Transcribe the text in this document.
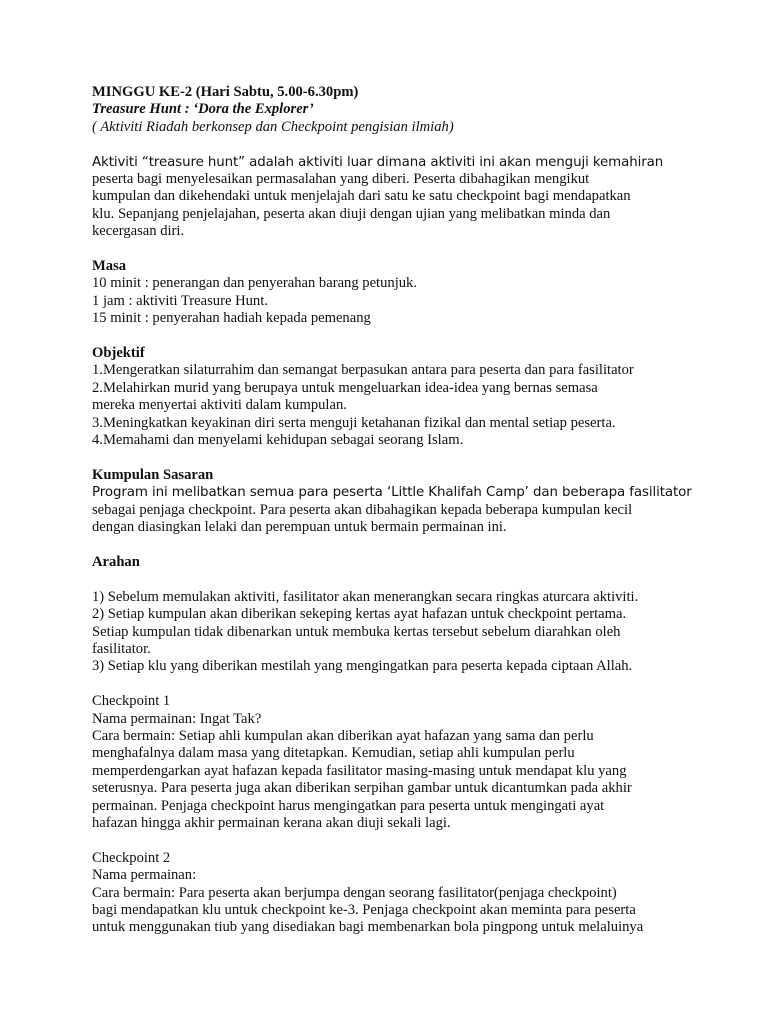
MINGGU KE-2 (Hari Sabtu, 5.00-6.30pm)
Treasure Hunt : ‘Dora the Explorer’
( Aktiviti Riadah berkonsep dan Checkpoint pengisian ilmiah)
Aktiviti “treasure hunt” adalah aktiviti luar dimana aktiviti ini akan menguji kemahiran
peserta bagi menyelesaikan permasalahan yang diberi. Peserta dibahagikan mengikut
kumpulan dan dikehendaki untuk menjelajah dari satu ke satu checkpoint bagi mendapatkan
klu. Sepanjang penjelajahan, peserta akan diuji dengan ujian yang melibatkan minda dan
kecergasan diri.
Masa
10 minit : penerangan dan penyerahan barang petunjuk.
1 jam : aktiviti Treasure Hunt.
15 minit : penyerahan hadiah kepada pemenang
Objektif
1.Mengeratkan silaturrahim dan semangat berpasukan antara para peserta dan para fasilitator
2.Melahirkan murid yang berupaya untuk mengeluarkan idea-idea yang bernas semasa
mereka menyertai aktiviti dalam kumpulan.
3.Meningkatkan keyakinan diri serta menguji ketahanan fizikal dan mental setiap peserta.
4.Memahami dan menyelami kehidupan sebagai seorang Islam.
Kumpulan Sasaran
Program ini melibatkan semua para peserta ‘Little Khalifah Camp’ dan beberapa fasilitator
sebagai penjaga checkpoint. Para peserta akan dibahagikan kepada beberapa kumpulan kecil
dengan diasingkan lelaki dan perempuan untuk bermain permainan ini.
Arahan
1) Sebelum memulakan aktiviti, fasilitator akan menerangkan secara ringkas aturcara aktiviti.
2) Setiap kumpulan akan diberikan sekeping kertas ayat hafazan untuk checkpoint pertama.
Setiap kumpulan tidak dibenarkan untuk membuka kertas tersebut sebelum diarahkan oleh
fasilitator.
3) Setiap klu yang diberikan mestilah yang mengingatkan para peserta kepada ciptaan Allah.
Checkpoint 1
Nama permainan: Ingat Tak?
Cara bermain: Setiap ahli kumpulan akan diberikan ayat hafazan yang sama dan perlu
menghafalnya dalam masa yang ditetapkan. Kemudian, setiap ahli kumpulan perlu
memperdengarkan ayat hafazan kepada fasilitator masing-masing untuk mendapat klu yang
seterusnya. Para peserta juga akan diberikan serpihan gambar untuk dicantumkan pada akhir
permainan. Penjaga checkpoint harus mengingatkan para peserta untuk mengingati ayat
hafazan hingga akhir permainan kerana akan diuji sekali lagi.
Checkpoint 2
Nama permainan:
Cara bermain: Para peserta akan berjumpa dengan seorang fasilitator(penjaga checkpoint)
bagi mendapatkan klu untuk checkpoint ke-3. Penjaga checkpoint akan meminta para peserta
untuk menggunakan tiub yang disediakan bagi membenarkan bola pingpong untuk melaluinya
